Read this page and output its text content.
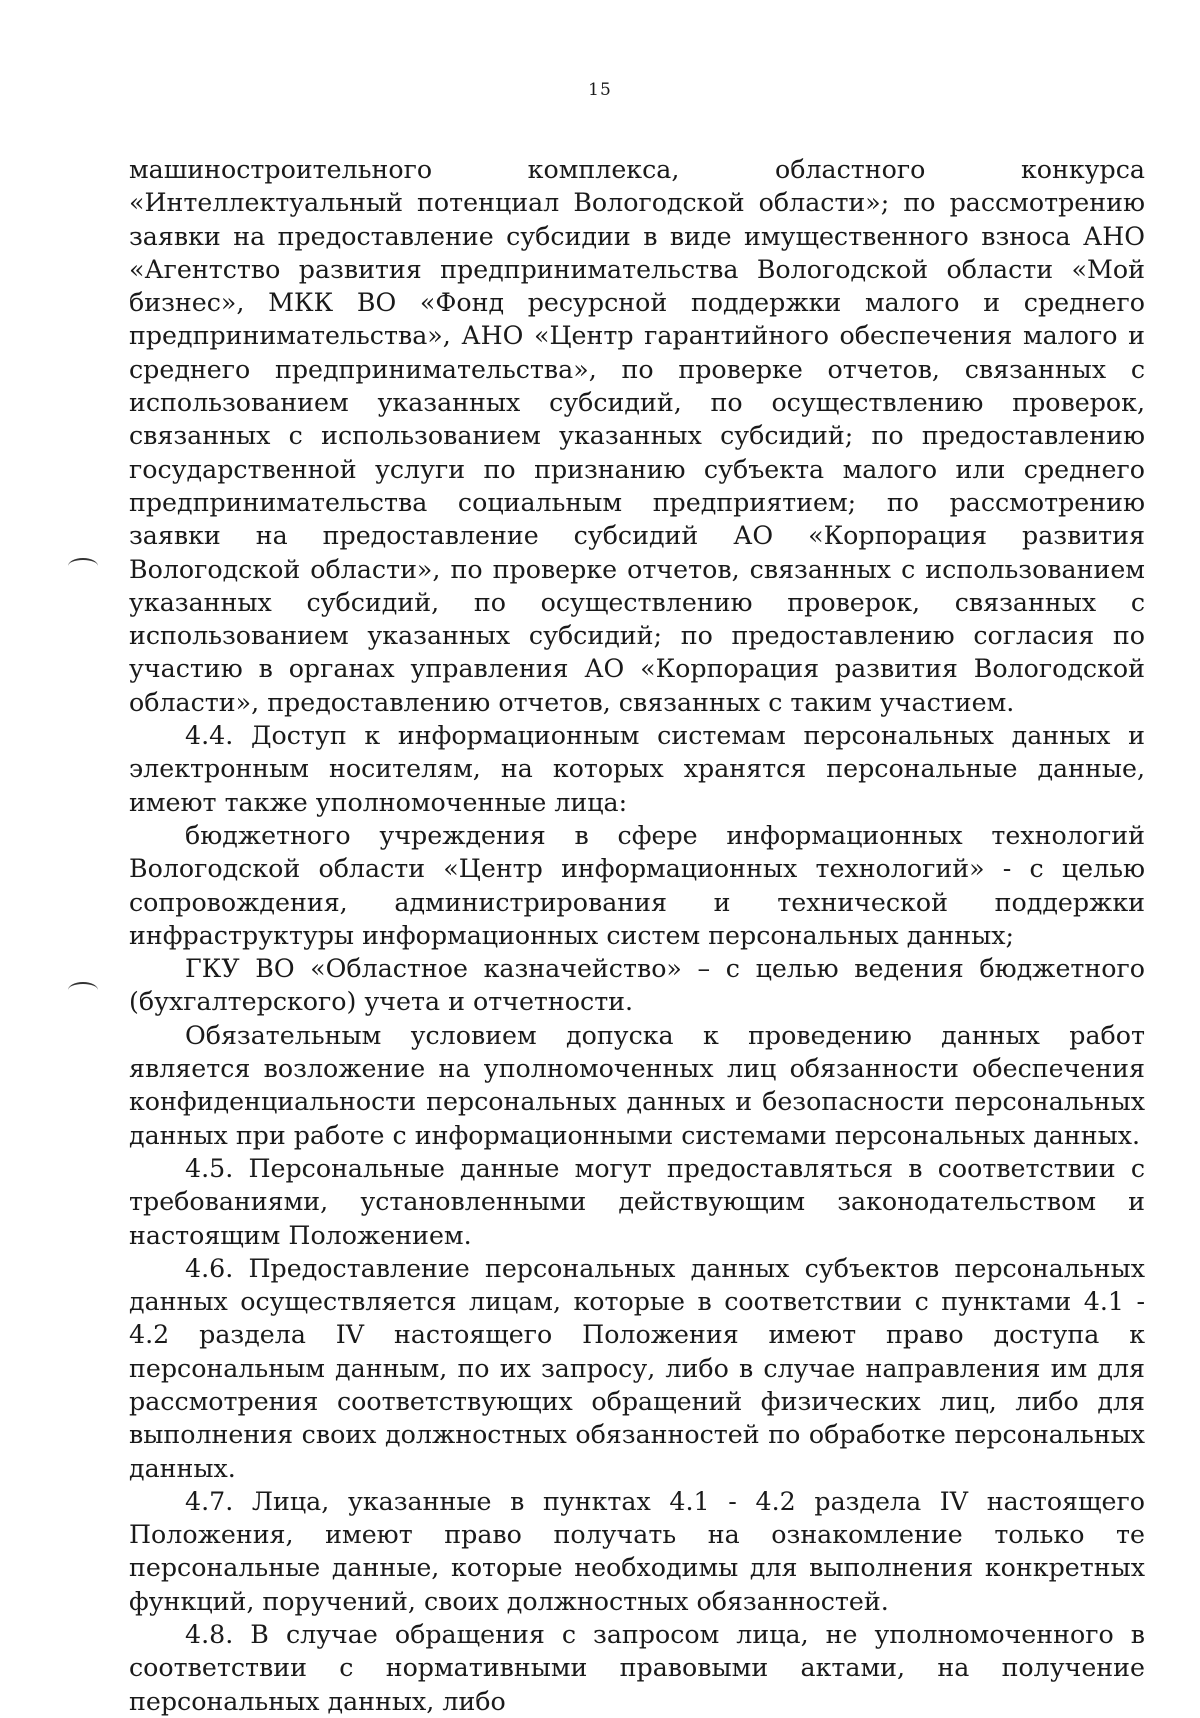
15

машиностроительного комплекса, областного конкурса «Интеллектуальный потенциал Вологодской области»; по рассмотрению заявки на предоставление субсидии в виде имущественного взноса АНО «Агентство развития предпринимательства Вологодской области «Мой бизнес», МКК ВО «Фонд ресурсной поддержки малого и среднего предпринимательства», АНО «Центр гарантийного обеспечения малого и среднего предпринимательства», по проверке отчетов, связанных с использованием указанных субсидий, по осуществлению проверок, связанных с использованием указанных субсидий; по предоставлению государственной услуги по признанию субъекта малого или среднего предпринимательства социальным предприятием; по рассмотрению заявки на предоставление субсидий АО «Корпорация развития Вологодской области», по проверке отчетов, связанных с использованием указанных субсидий, по осуществлению проверок, связанных с использованием указанных субсидий; по предоставлению согласия по участию в органах управления АО «Корпорация развития Вологодской области», предоставлению отчетов, связанных с таким участием.

4.4. Доступ к информационным системам персональных данных и электронным носителям, на которых хранятся персональные данные, имеют также уполномоченные лица:

бюджетного учреждения в сфере информационных технологий Вологодской области «Центр информационных технологий» - с целью сопровождения, администрирования и технической поддержки инфраструктуры информационных систем персональных данных;

ГКУ ВО «Областное казначейство» – с целью ведения бюджетного (бухгалтерского) учета и отчетности.

Обязательным условием допуска к проведению данных работ является возложение на уполномоченных лиц обязанности обеспечения конфиденциальности персональных данных и безопасности персональных данных при работе с информационными системами персональных данных.

4.5. Персональные данные могут предоставляться в соответствии с требованиями, установленными действующим законодательством и настоящим Положением.

4.6. Предоставление персональных данных субъектов персональных данных осуществляется лицам, которые в соответствии с пунктами 4.1 - 4.2 раздела IV настоящего Положения имеют право доступа к персональным данным, по их запросу, либо в случае направления им для рассмотрения соответствующих обращений физических лиц, либо для выполнения своих должностных обязанностей по обработке персональных данных.

4.7. Лица, указанные в пунктах 4.1 - 4.2 раздела IV настоящего Положения, имеют право получать на ознакомление только те персональные данные, которые необходимы для выполнения конкретных функций, поручений, своих должностных обязанностей.

4.8. В случае обращения с запросом лица, не уполномоченного в соответствии с нормативными правовыми актами, на получение персональных данных, либо
